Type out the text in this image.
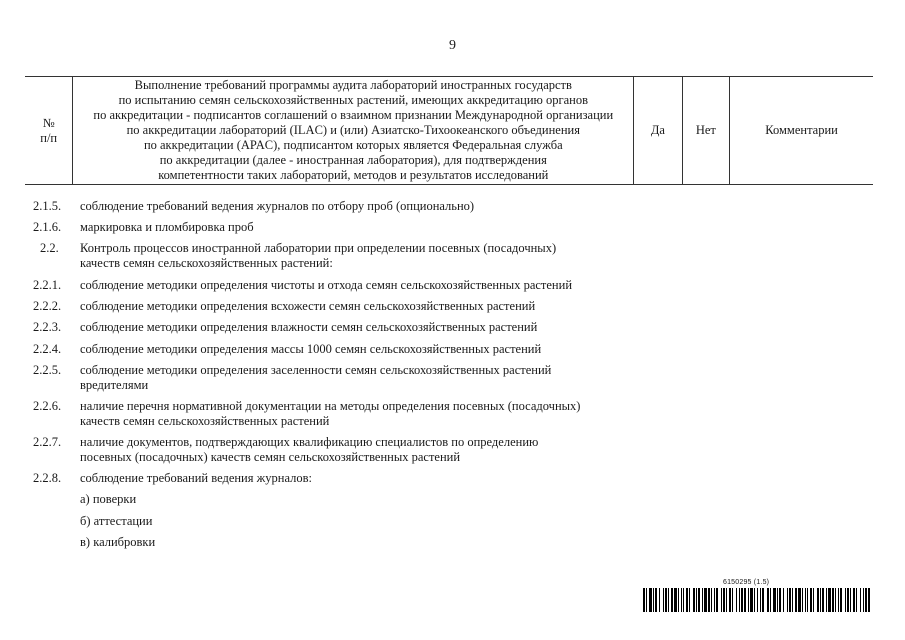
9
№
п/п	Выполнение требований программы аудита лабораторий иностранных государств
по испытанию семян сельскохозяйственных растений, имеющих аккредитацию органов
по аккредитации - подписантов соглашений о взаимном признании Международной организации
по аккредитации лабораторий (ILAC) и (или) Азиатско-Тихоокеанского объединения
по аккредитации (APAC), подписантом которых является Федеральная служба
по аккредитации (далее - иностранная лаборатория), для подтверждения
компетентности таких лабораторий, методов и результатов исследований	Да	Нет	Комментарии
2.1.5.	соблюдение требований ведения журналов по отбору проб (опционально)
2.1.6.	маркировка и пломбировка проб
2.2.	Контроль процессов иностранной лаборатории при определении посевных (посадочных)
качеств семян сельскохозяйственных растений:
2.2.1.	соблюдение методики определения чистоты и отхода семян сельскохозяйственных растений
2.2.2.	соблюдение методики определения всхожести семян сельскохозяйственных растений
2.2.3.	соблюдение методики определения влажности семян сельскохозяйственных растений
2.2.4.	соблюдение методики определения массы 1000 семян сельскохозяйственных растений
2.2.5.	соблюдение методики определения заселенности семян сельскохозяйственных растений
вредителями
2.2.6.	наличие перечня нормативной документации на методы определения посевных (посадочных)
качеств семян сельскохозяйственных растений
2.2.7.	наличие документов, подтверждающих квалификацию специалистов по определению
посевных (посадочных) качеств семян сельскохозяйственных растений
2.2.8.	соблюдение требований ведения журналов:
а) поверки
б) аттестации
в) калибровки
6150295 (1.5)
